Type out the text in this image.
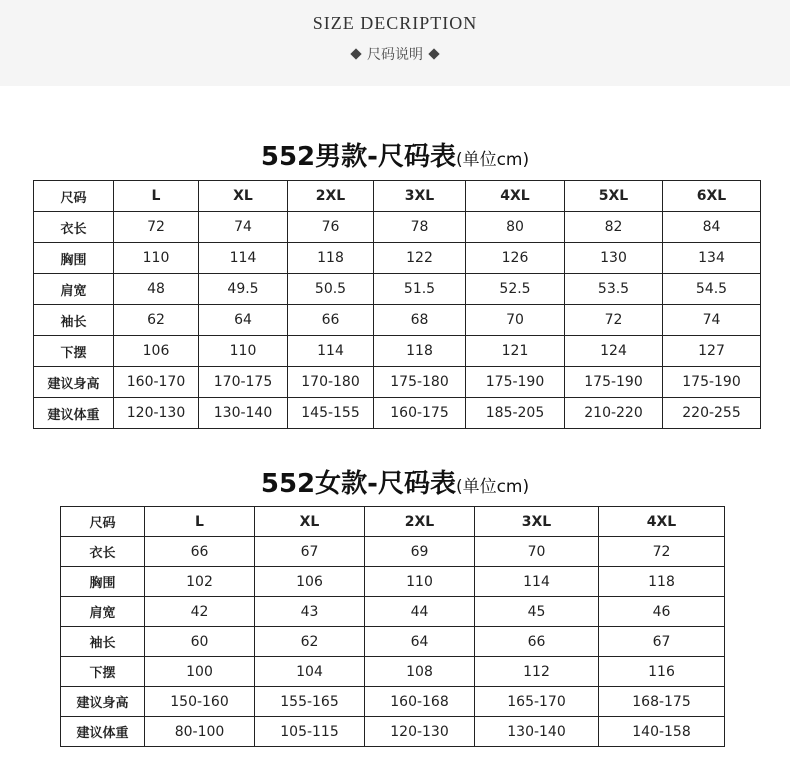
SIZE DECRIPTION
尺码说明
552男款-尺码表(单位cm)
尺码	L	XL	2XL	3XL	4XL	5XL	6XL
衣长	72	74	76	78	80	82	84
胸围	110	114	118	122	126	130	134
肩宽	48	49.5	50.5	51.5	52.5	53.5	54.5
袖长	62	64	66	68	70	72	74
下摆	106	110	114	118	121	124	127
建议身高	160-170	170-175	170-180	175-180	175-190	175-190	175-190
建议体重	120-130	130-140	145-155	160-175	185-205	210-220	220-255
552女款-尺码表(单位cm)
尺码	L	XL	2XL	3XL	4XL
衣长	66	67	69	70	72
胸围	102	106	110	114	118
肩宽	42	43	44	45	46
袖长	60	62	64	66	67
下摆	100	104	108	112	116
建议身高	150-160	155-165	160-168	165-170	168-175
建议体重	80-100	105-115	120-130	130-140	140-158
